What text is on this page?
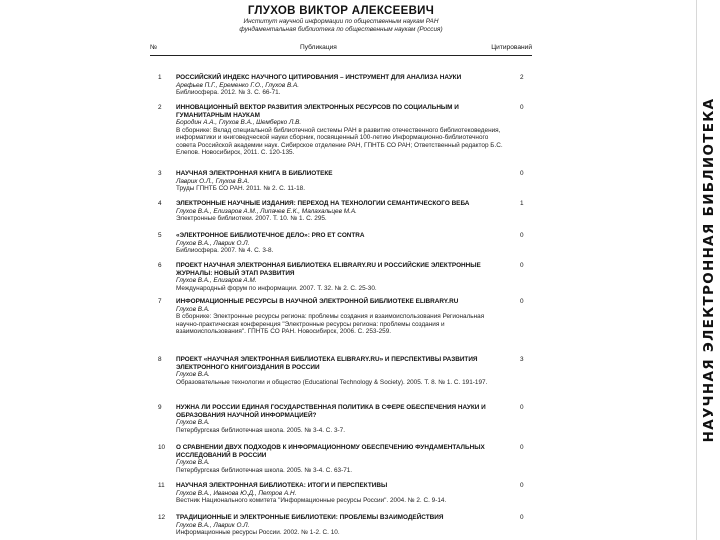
НАУЧНАЯ ЭЛЕКТРОННАЯ БИБЛИОТЕКА
ГЛУХОВ ВИКТОР АЛЕКСЕЕВИЧ
Институт научной информации по общественным наукам РАН
фундаментальная библиотека по общественным наукам (Россия)
№	Публикация	Цитирований
1 РОССИЙСКИЙ ИНДЕКС НАУЧНОГО ЦИТИРОВАНИЯ – ИНСТРУМЕНТ ДЛЯ АНАЛИЗА НАУКИ
Арефьев П.Г., Еременко Г.О., Глухов В.А.
Библиосфера. 2012. № 3. С. 66-71.
2
2 ИННОВАЦИОННЫЙ ВЕКТОР РАЗВИТИЯ ЭЛЕКТРОННЫХ РЕСУРСОВ ПО СОЦИАЛЬНЫМ И ГУМАНИТАРНЫМ НАУКАМ
Бородин А.А., Глухов В.А., Шемберко Л.В.
В сборнике: Вклад специальной библиотечной системы РАН в развитие отечественного библиотековедения, информатики и книговедческой науки сборник, посвященный 100-летию Информационно-библиотечного совета Российской академии наук. Сибирское отделение РАН, ГПНТБ СО РАН; Ответственный редактор Б.С. Елепов. Новосибирск, 2011. С. 120-135.
0
3 НАУЧНАЯ ЭЛЕКТРОННАЯ КНИГА В БИБЛИОТЕКЕ
Лаврик О.Л., Глухов В.А.
Труды ГПНТБ СО РАН. 2011. № 2. С. 11-18.
0
4 ЭЛЕКТРОННЫЕ НАУЧНЫЕ ИЗДАНИЯ: ПЕРЕХОД НА ТЕХНОЛОГИИ СЕМАНТИЧЕСКОГО ВЕБА
Глухов В.А., Елизаров А.М., Липачев Е.К., Малахальцев М.А.
Электронные библиотеки. 2007. Т. 10. № 1. С. 295.
1
5 «ЭЛЕКТРОННОЕ БИБЛИОТЕЧНОЕ ДЕЛО»: PRO ET CONTRA
Глухов В.А., Лаврик О.Л.
Библиосфера. 2007. № 4. С. 3-8.
0
6 ПРОЕКТ НАУЧНАЯ ЭЛЕКТРОННАЯ БИБЛИОТЕКА ELIBRARY.RU И РОССИЙСКИЕ ЭЛЕКТРОННЫЕ ЖУРНАЛЫ: НОВЫЙ ЭТАП РАЗВИТИЯ
Глухов В.А., Елизаров А.М.
Международный форум по информации. 2007. Т. 32. № 2. С. 25-30.
0
7 ИНФОРМАЦИОННЫЕ РЕСУРСЫ В НАУЧНОЙ ЭЛЕКТРОННОЙ БИБЛИОТЕКЕ ELIBRARY.RU
Глухов В.А.
В сборнике: Электронные ресурсы региона: проблемы создания и взаимоиспользования Региональная научно-практическая конференция "Электронные ресурсы региона: проблемы создания и взаимоиспользования". ГПНТБ СО РАН. Новосибирск, 2006. С. 253-259.
0
8 ПРОЕКТ «НАУЧНАЯ ЭЛЕКТРОННАЯ БИБЛИОТЕКА ELIBRARY.RU» И ПЕРСПЕКТИВЫ РАЗВИТИЯ ЭЛЕКТРОННОГО КНИГОИЗДАНИЯ В РОССИИ
Глухов В.А.
Образовательные технологии и общество (Educational Technology & Society). 2005. Т. 8. № 1. С. 191-197.
3
9 НУЖНА ЛИ РОССИИ ЕДИНАЯ ГОСУДАРСТВЕННАЯ ПОЛИТИКА В СФЕРЕ ОБЕСПЕЧЕНИЯ НАУКИ И ОБРАЗОВАНИЯ НАУЧНОЙ ИНФОРМАЦИЕЙ?
Глухов В.А.
Петербургская библиотечная школа. 2005. № 3-4. С. 3-7.
0
10 О СРАВНЕНИИ ДВУХ ПОДХОДОВ К ИНФОРМАЦИОННОМУ ОБЕСПЕЧЕНИЮ ФУНДАМЕНТАЛЬНЫХ ИССЛЕДОВАНИЙ В РОССИИ
Глухов В.А.
Петербургская библиотечная школа. 2005. № 3-4. С. 63-71.
0
11 НАУЧНАЯ ЭЛЕКТРОННАЯ БИБЛИОТЕКА: ИТОГИ И ПЕРСПЕКТИВЫ
Глухов В.А., Иванова Ю.Д., Петров А.Н.
Вестник Национального комитета "Информационные ресурсы России". 2004. № 2. С. 9-14.
0
12 ТРАДИЦИОННЫЕ И ЭЛЕКТРОННЫЕ БИБЛИОТЕКИ: ПРОБЛЕМЫ ВЗАИМОДЕЙСТВИЯ
Глухов В.А., Лаврик О.Л.
Информационные ресурсы России. 2002. № 1-2. С. 10.
0
